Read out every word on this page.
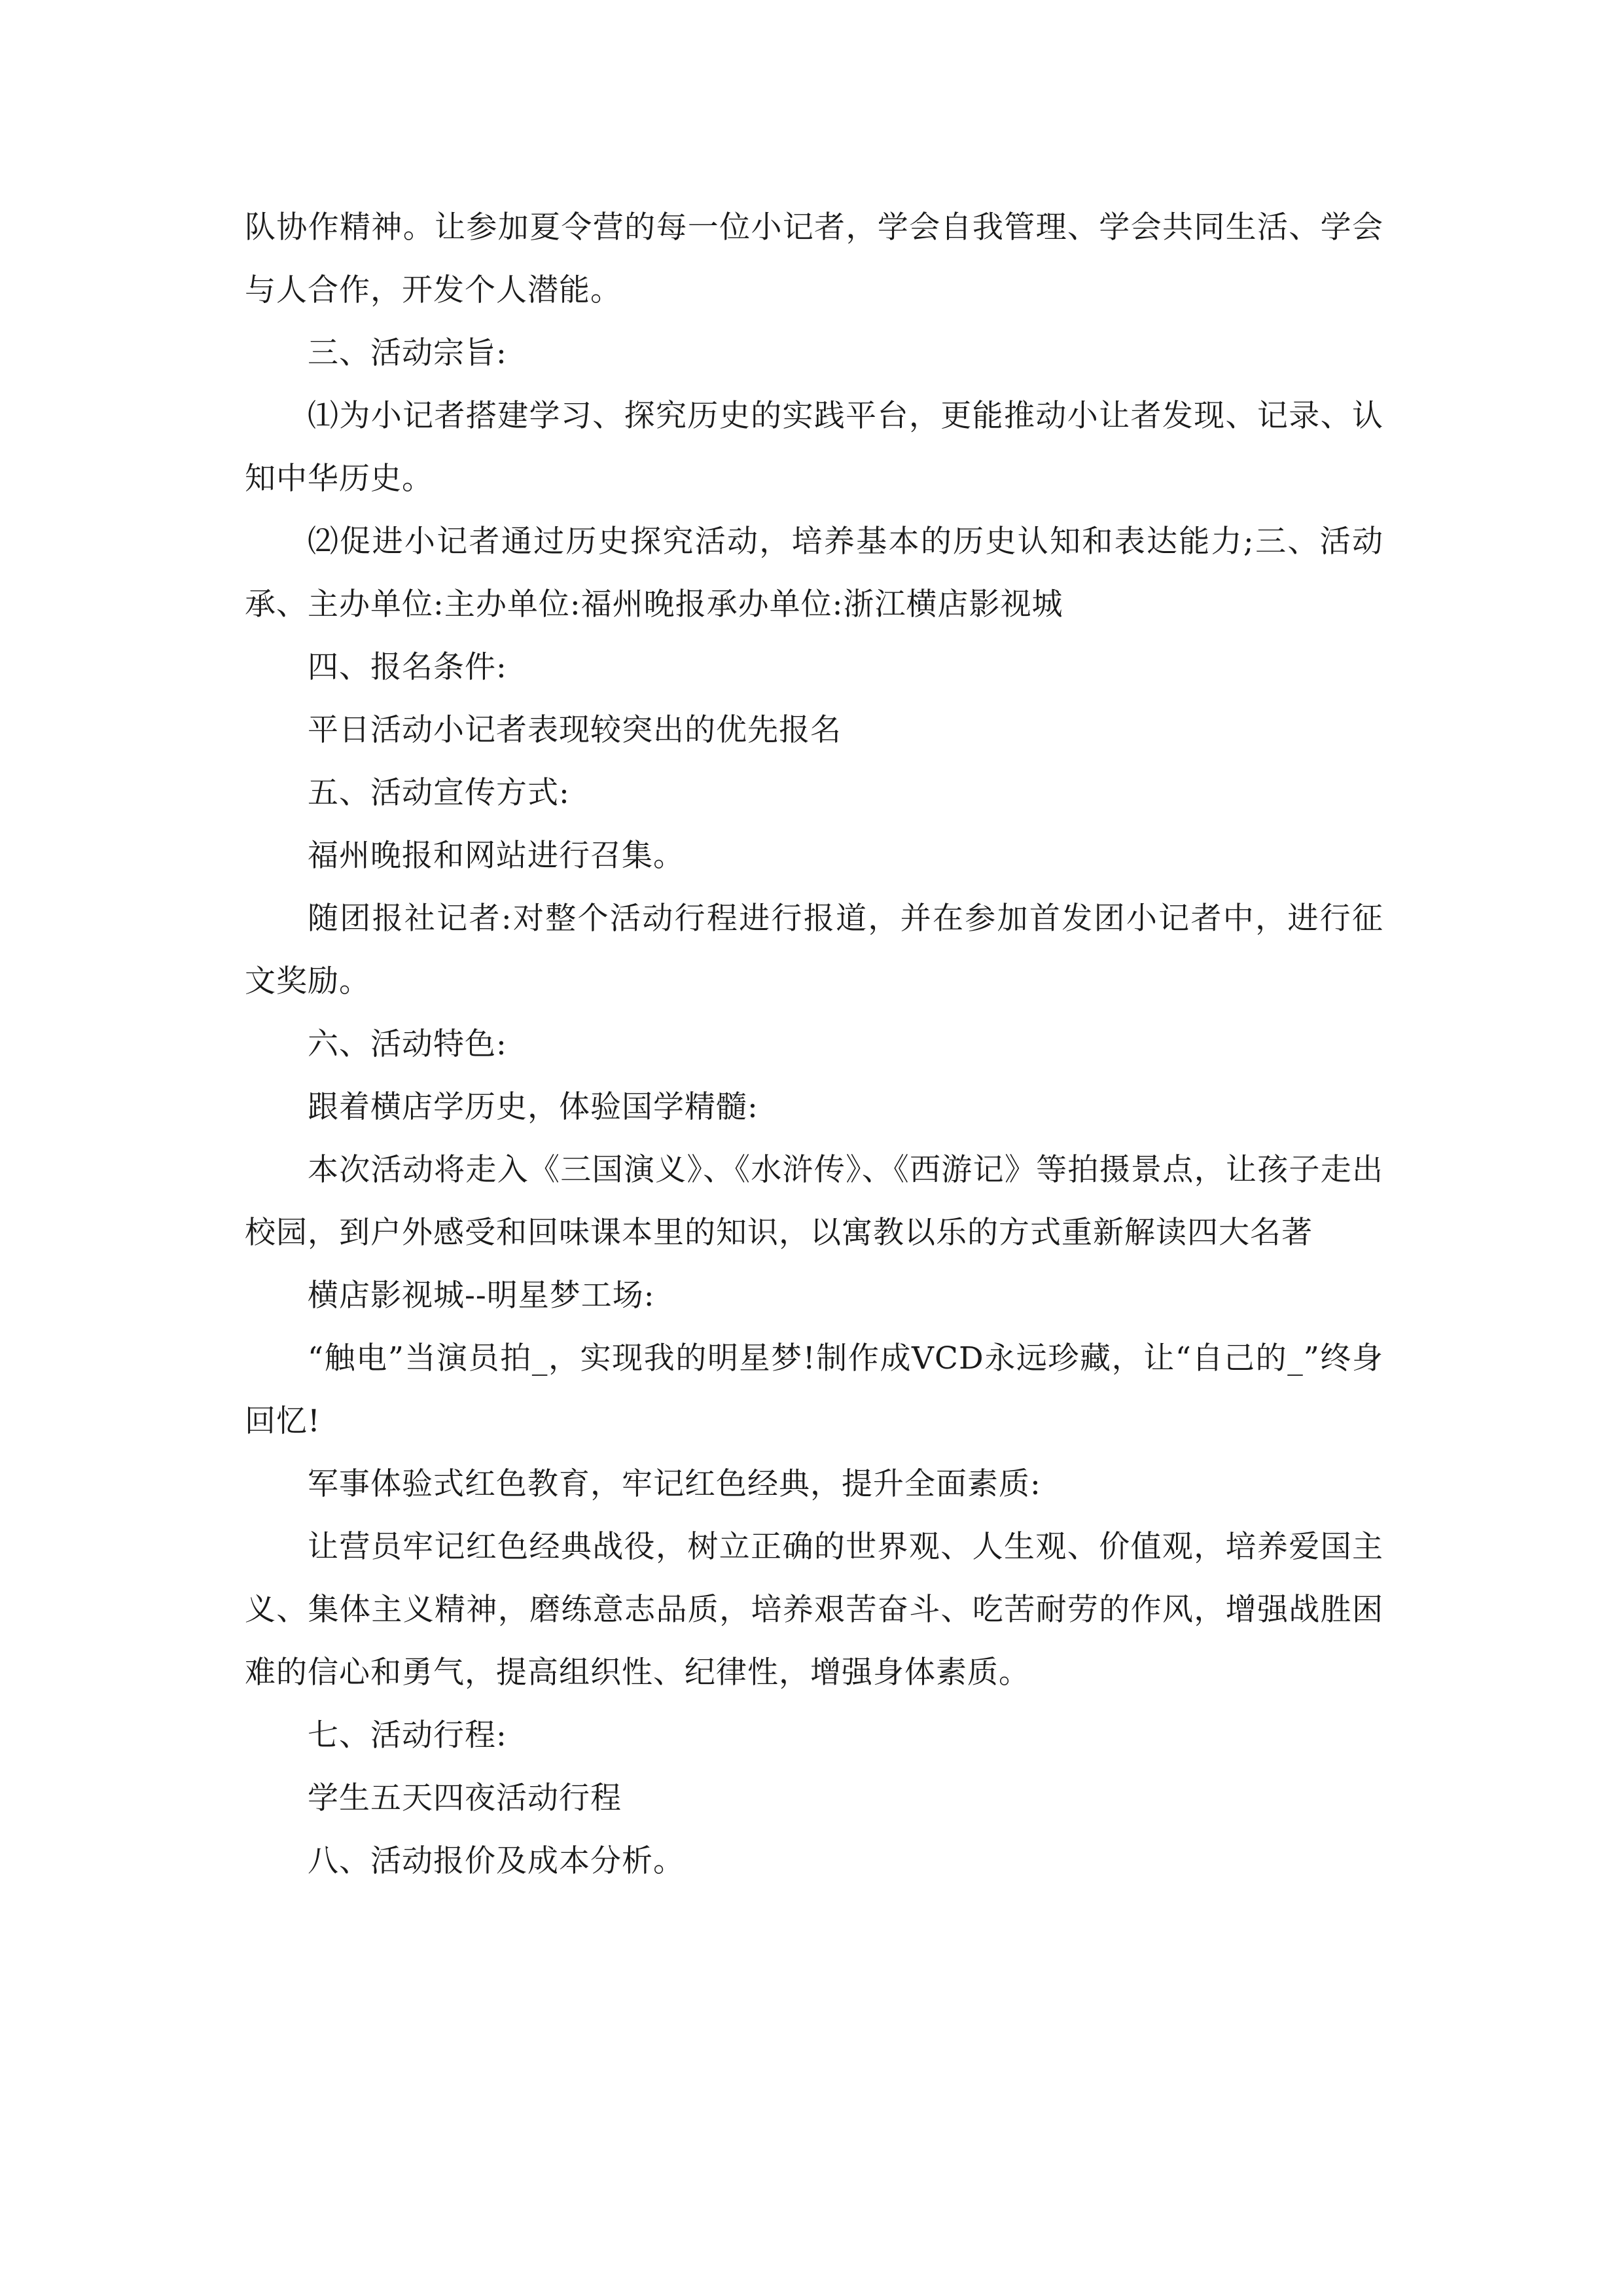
队协作精神。让参加夏令营的每一位小记者，学会自我管理、学会共同生活、学会与人合作，开发个人潜能。

三、活动宗旨:

⑴为小记者搭建学习、探究历史的实践平台，更能推动小让者发现、记录、认知中华历史。

⑵促进小记者通过历史探究活动，培养基本的历史认知和表达能力;三、活动承、主办单位:主办单位:福州晚报承办单位:浙江横店影视城

四、报名条件:

平日活动小记者表现较突出的优先报名

五、活动宣传方式:

福州晚报和网站进行召集。

随团报社记者:对整个活动行程进行报道，并在参加首发团小记者中，进行征文奖励。

六、活动特色:

跟着横店学历史，体验国学精髓:

本次活动将走入《三国演义》、《水浒传》、《西游记》等拍摄景点，让孩子走出校园，到户外感受和回味课本里的知识，以寓教以乐的方式重新解读四大名著

横店影视城--明星梦工场:

“触电”当演员拍_，实现我的明星梦!制作成VCD永远珍藏，让“自己的_”终身回忆!

军事体验式红色教育，牢记红色经典，提升全面素质:

让营员牢记红色经典战役，树立正确的世界观、人生观、价值观，培养爱国主义、集体主义精神，磨练意志品质，培养艰苦奋斗、吃苦耐劳的作风，增强战胜困难的信心和勇气，提高组织性、纪律性，增强身体素质。

七、活动行程:

学生五天四夜活动行程

八、活动报价及成本分析。
